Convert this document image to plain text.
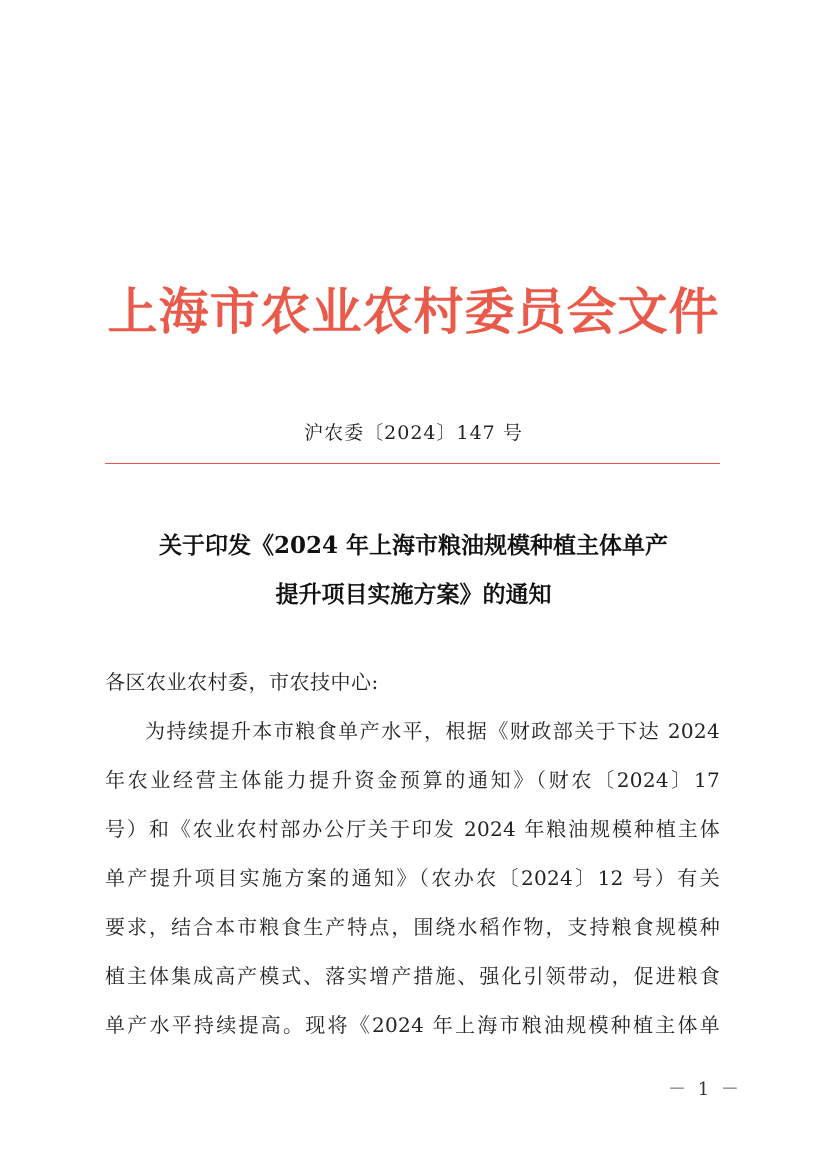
上海市农业农村委员会文件
沪农委〔2024〕147 号
关于印发《2024 年上海市粮油规模种植主体单产
提升项目实施方案》的通知
各区农业农村委，市农技中心:
为持续提升本市粮食单产水平，根据《财政部关于下达 2024
年农业经营主体能力提升资金预算的通知》（财农〔2024〕17
号）和《农业农村部办公厅关于印发 2024 年粮油规模种植主体
单产提升项目实施方案的通知》（农办农〔2024〕12 号）有关
要求，结合本市粮食生产特点，围绕水稻作物，支持粮食规模种
植主体集成高产模式、落实增产措施、强化引领带动，促进粮食
单产水平持续提高。现将《2024 年上海市粮油规模种植主体单
－ 1 －
